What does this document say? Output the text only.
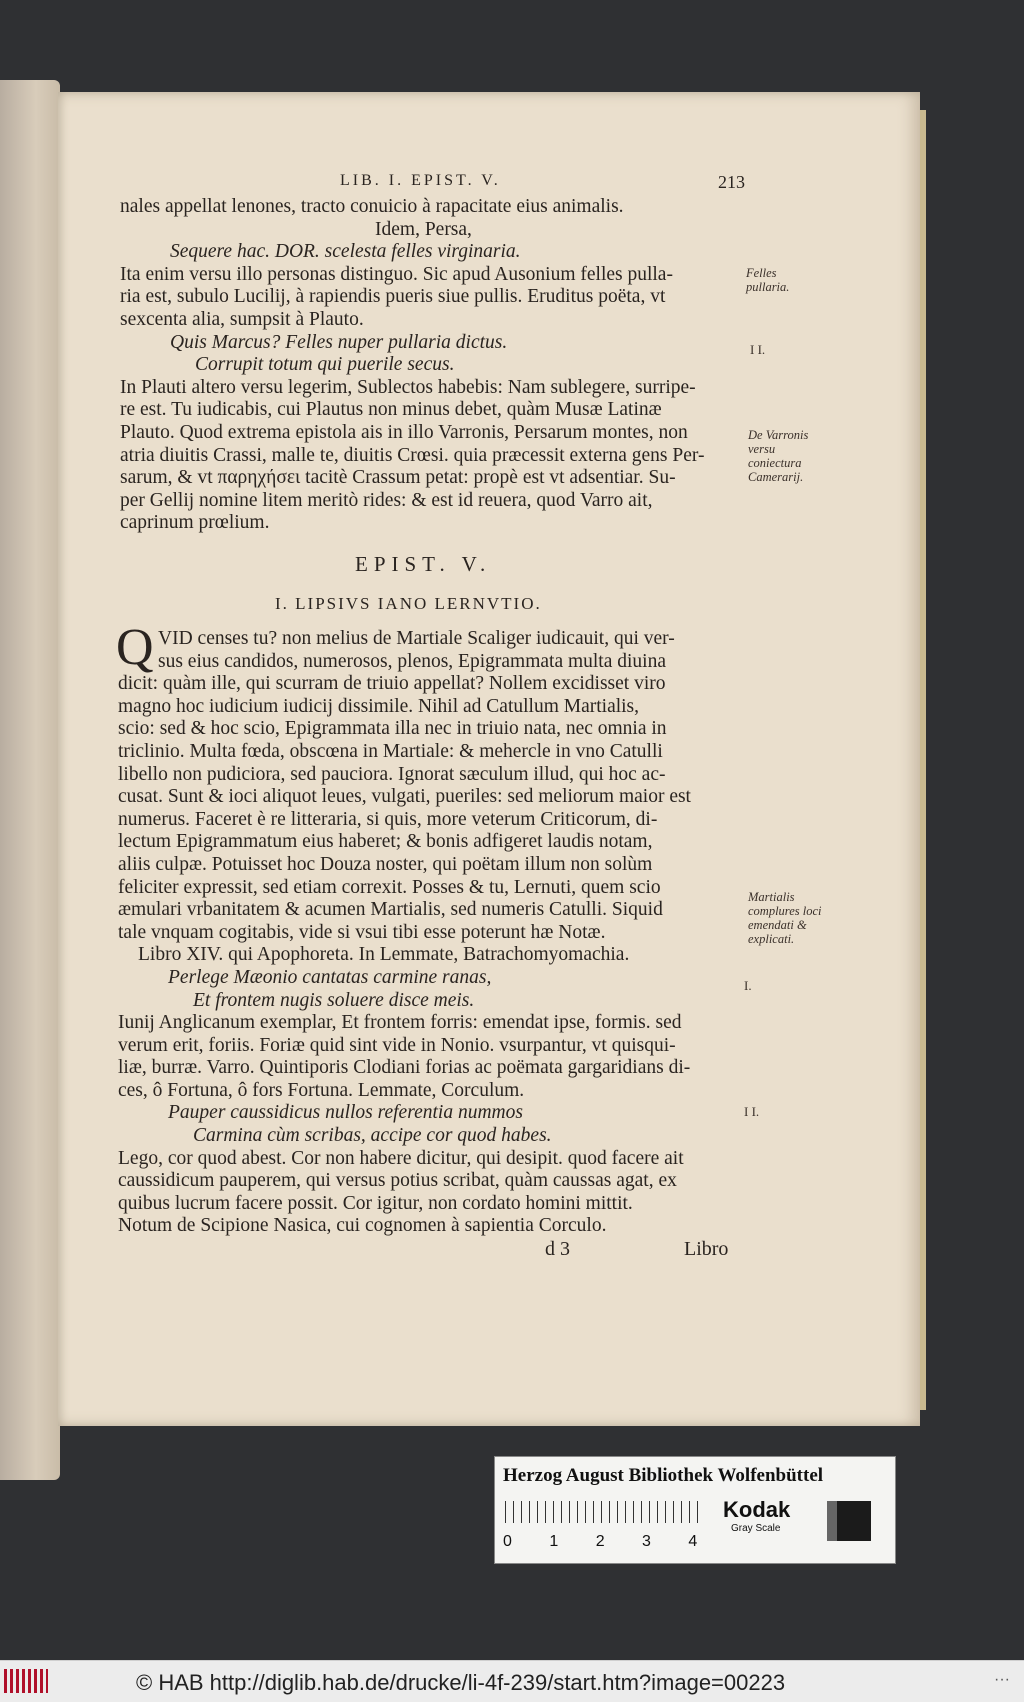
LIB. I. EPIST. V.	213
nales appellat lenones, tracto conuicio à rapacitate eius animalis.
Idem, Persa,
Sequere hac. DOR. scelesta felles virginaria.
Ita enim versu illo personas distinguo. Sic apud Ausonium felles pulla-
ria est, subulo Lucilij, à rapiendis pueris siue pullis. Eruditus poëta, vt
sexcenta alia, sumpsit à Plauto.
Quis Marcus? Felles nuper pullaria dictus.
Corrupit totum qui puerile secus.
In Plauti altero versu legerim, Sublectos habebis: Nam sublegere, surripe-
re est. Tu iudicabis, cui Plautus non minus debet, quàm Musæ Latinæ
Plauto. Quod extrema epistola ais in illo Varronis, Persarum montes, non
atria diuitis Crassi, malle te, diuitis Crœsi. quia præcessit externa gens Per-
sarum, & vt παρηχήσει tacitè Crassum petat: propè est vt adsentiar. Su-
per Gellij nomine litem meritò rides: & est id reuera, quod Varro ait,
caprinum prœlium.
EPIST. V.
I. LIPSIVS IANO LERNVTIO.
Q VID censes tu? non melius de Martiale Scaliger iudicauit, qui ver-
sus eius candidos, numerosos, plenos, Epigrammata multa diuina
dicit: quàm ille, qui scurram de triuio appellat? Nollem excidisset viro
magno hoc iudicium iudicij dissimile. Nihil ad Catullum Martialis,
scio: sed & hoc scio, Epigrammata illa nec in triuio nata, nec omnia in
triclinio. Multa fœda, obscœna in Martiale: & mehercle in vno Catulli
libello non pudiciora, sed pauciora. Ignorat sæculum illud, qui hoc ac-
cusat. Sunt & ioci aliquot leues, vulgati, pueriles: sed meliorum maior est
numerus. Faceret è re litteraria, si quis, more veterum Criticorum, di-
lectum Epigrammatum eius haberet; & bonis adfigeret laudis notam,
aliis culpæ. Potuisset hoc Douza noster, qui poëtam illum non solùm
feliciter expressit, sed etiam correxit. Posses & tu, Lernuti, quem scio
æmulari vrbanitatem & acumen Martialis, sed numeris Catulli. Siquid
tale vnquam cogitabis, vide si vsui tibi esse poterunt hæ Notæ.
Libro XIV. qui Apophoreta. In Lemmate, Batrachomyomachia.
Perlege Mæonio cantatas carmine ranas,
Et frontem nugis soluere disce meis.
Iunij Anglicanum exemplar, Et frontem forris: emendat ipse, formis. sed
verum erit, foriis. Foriæ quid sint vide in Nonio. vsurpantur, vt quisqui-
liæ, burræ. Varro. Quintiporis Clodiani forias ac poëmata gargaridians di-
ces, ô Fortuna, ô fors Fortuna. Lemmate, Corculum.
Pauper caussidicus nullos referentia nummos
Carmina cùm scribas, accipe cor quod habes.
Lego, cor quod abest. Cor non habere dicitur, qui desipit. quod facere ait
caussidicum pauperem, qui versus potius scribat, quàm caussas agat, ex
quibus lucrum facere possit. Cor igitur, non cordato homini mittit.
Notum de Scipione Nasica, cui cognomen à sapientia Corculo.
Felles pullaria.
I I.
De Varronis versu coniectura Camerarij.
Martialis complures loci emendati & explicati.
I.
I I.
d 3	Libro
Herzog August Bibliothek Wolfenbüttel
0 1 2 3 4
Kodak
Gray Scale
© HAB http://diglib.hab.de/drucke/li-4f-239/start.htm?image=00223	···
